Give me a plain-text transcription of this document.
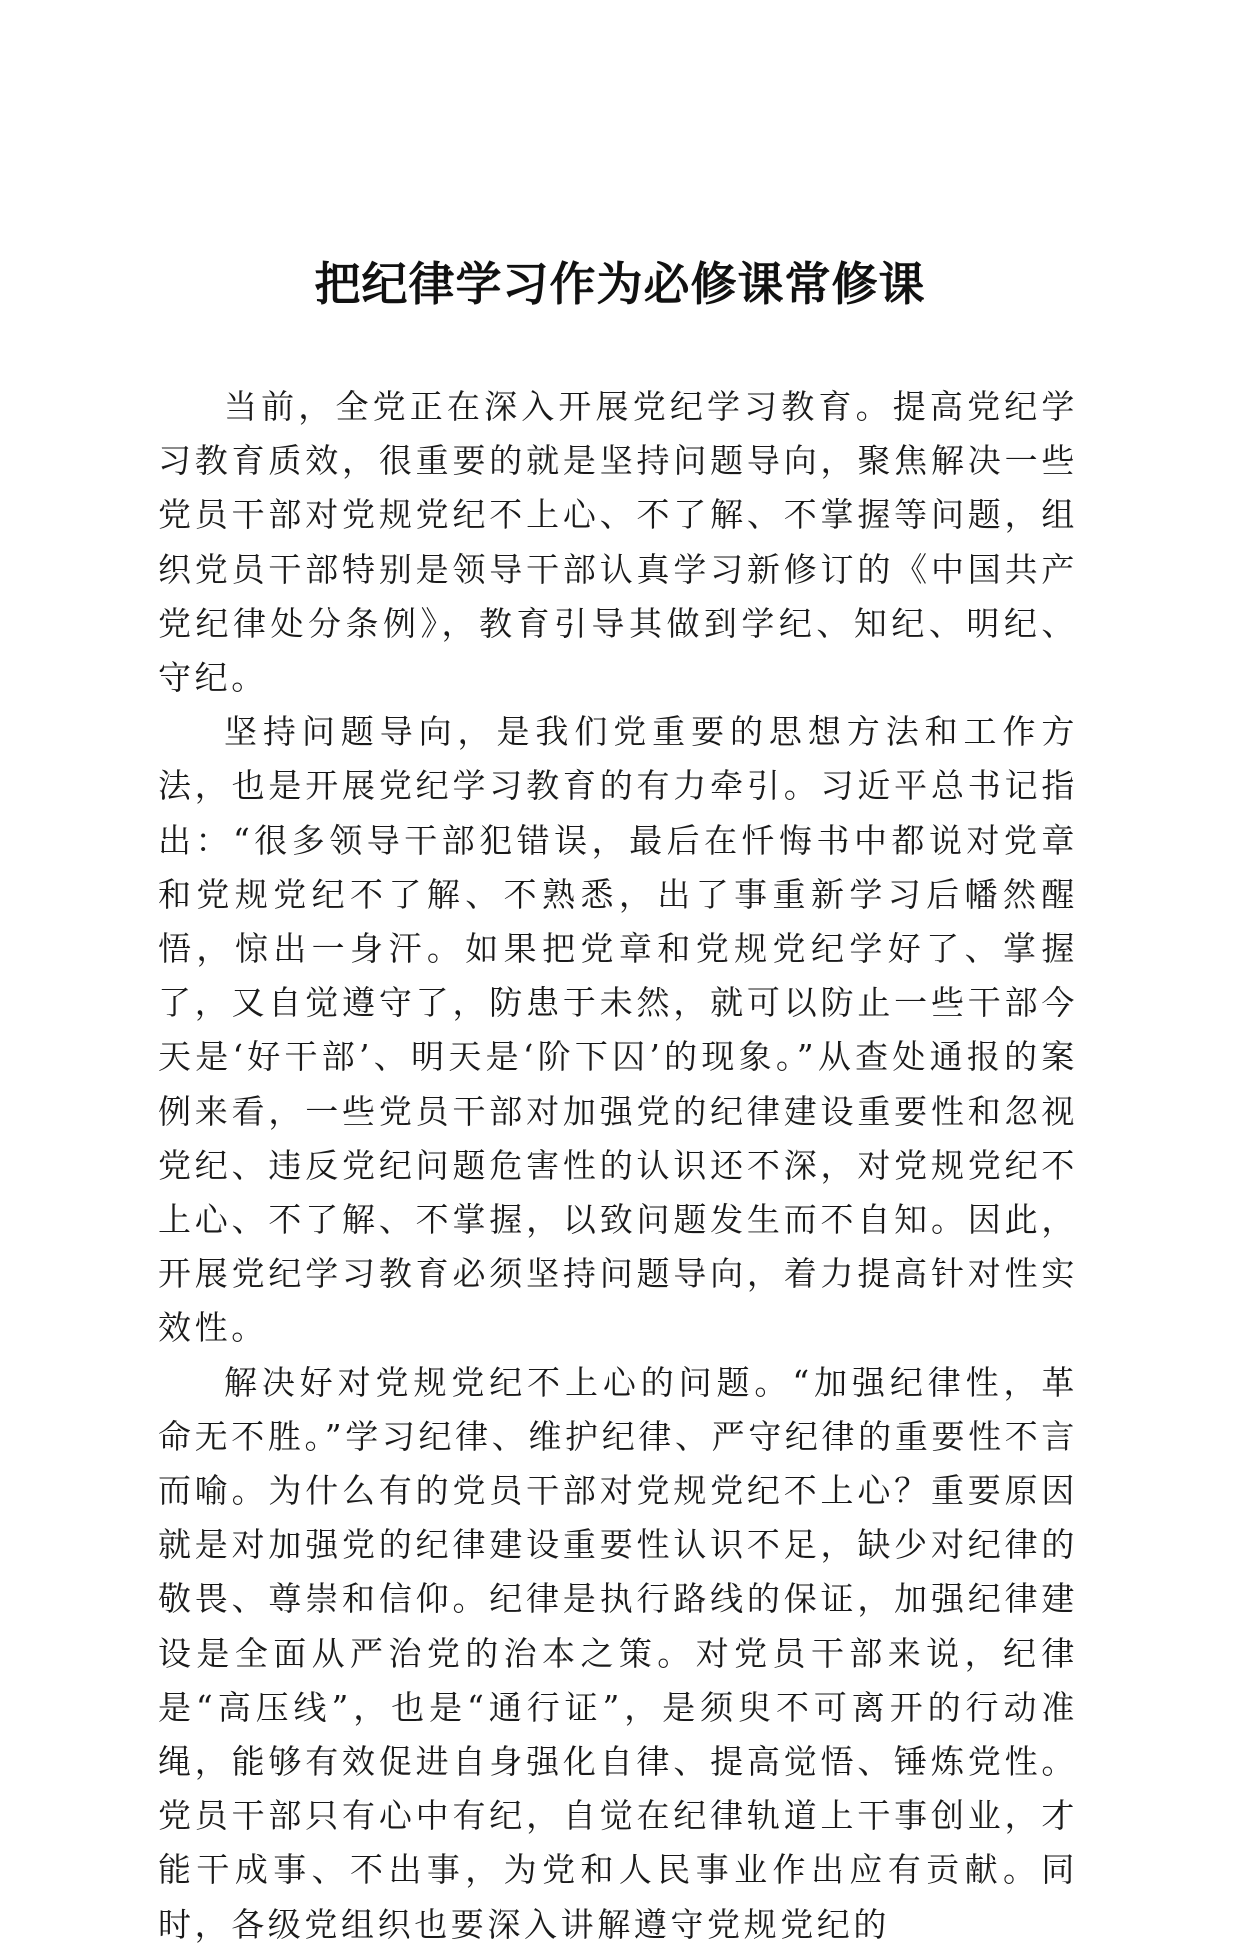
把纪律学习作为必修课常修课

当前，全党正在深入开展党纪学习教育。提高党纪学习教育质效，很重要的就是坚持问题导向，聚焦解决一些党员干部对党规党纪不上心、不了解、不掌握等问题，组织党员干部特别是领导干部认真学习新修订的《中国共产党纪律处分条例》，教育引导其做到学纪、知纪、明纪、守纪。

坚持问题导向，是我们党重要的思想方法和工作方法，也是开展党纪学习教育的有力牵引。习近平总书记指出：“很多领导干部犯错误，最后在忏悔书中都说对党章和党规党纪不了解、不熟悉，出了事重新学习后幡然醒悟，惊出一身汗。如果把党章和党规党纪学好了、掌握了，又自觉遵守了，防患于未然，就可以防止一些干部今天是‘好干部’、明天是‘阶下囚’的现象。”从查处通报的案例来看，一些党员干部对加强党的纪律建设重要性和忽视党纪、违反党纪问题危害性的认识还不深，对党规党纪不上心、不了解、不掌握，以致问题发生而不自知。因此，开展党纪学习教育必须坚持问题导向，着力提高针对性实效性。

解决好对党规党纪不上心的问题。“加强纪律性，革命无不胜。”学习纪律、维护纪律、严守纪律的重要性不言而喻。为什么有的党员干部对党规党纪不上心？重要原因就是对加强党的纪律建设重要性认识不足，缺少对纪律的敬畏、尊崇和信仰。纪律是执行路线的保证，加强纪律建设是全面从严治党的治本之策。对党员干部来说，纪律是“高压线”，也是“通行证”，是须臾不可离开的行动准绳，能够有效促进自身强化自律、提高觉悟、锤炼党性。党员干部只有心中有纪，自觉在纪律轨道上干事创业，才能干成事、不出事，为党和人民事业作出应有贡献。同时，各级党组织也要深入讲解遵守党规党纪的
